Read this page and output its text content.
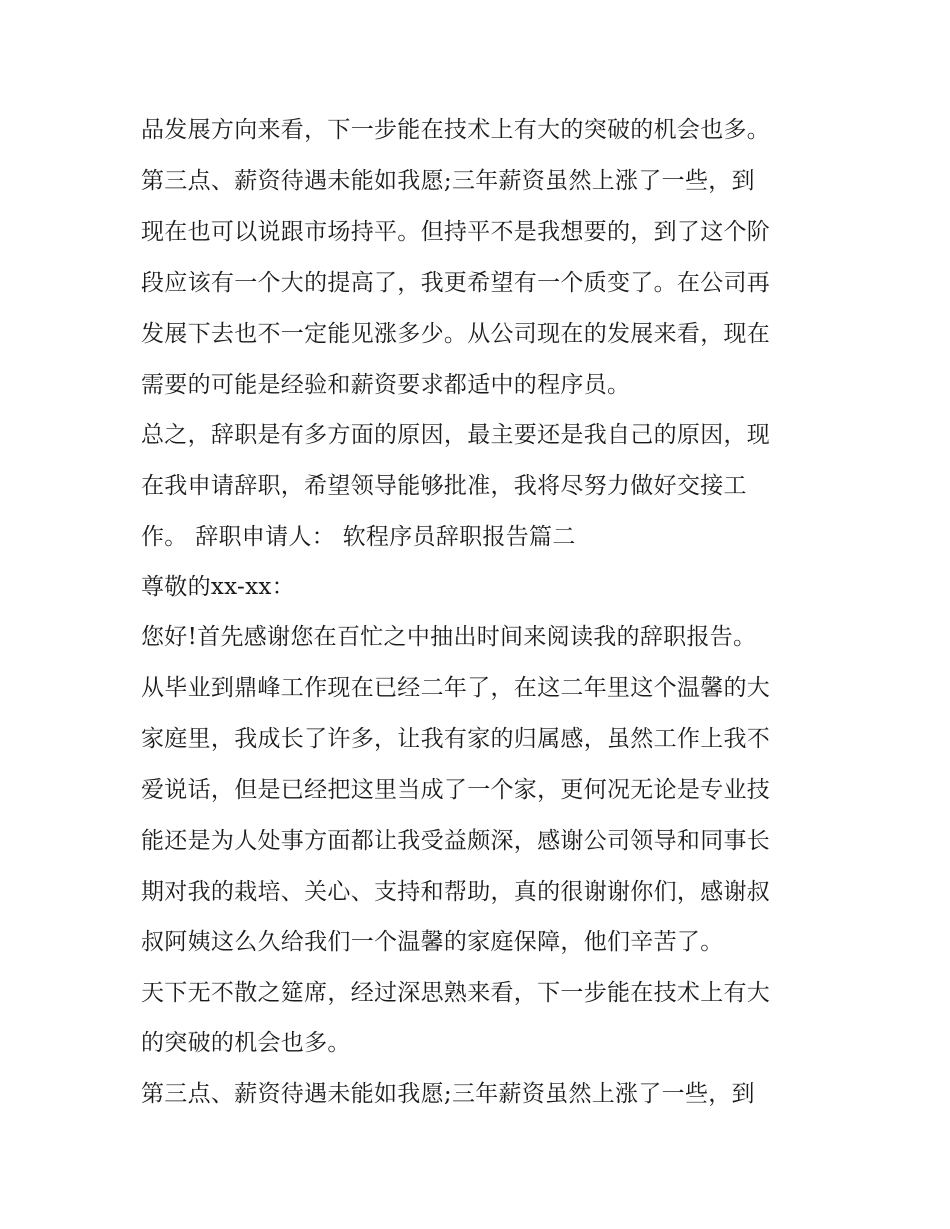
品发展方向来看，下一步能在技术上有大的突破的机会也多。

第三点、薪资待遇未能如我愿;三年薪资虽然上涨了一些，到

现在也可以说跟市场持平。但持平不是我想要的，到了这个阶

段应该有一个大的提高了，我更希望有一个质变了。在公司再

发展下去也不一定能见涨多少。从公司现在的发展来看，现在

需要的可能是经验和薪资要求都适中的程序员。

总之，辞职是有多方面的原因，最主要还是我自己的原因，现

在我申请辞职，希望领导能够批准，我将尽努力做好交接工

作。 辞职申请人： 软程序员辞职报告篇二

尊敬的xx-xx：

您好!首先感谢您在百忙之中抽出时间来阅读我的辞职报告。

从毕业到鼎峰工作现在已经二年了，在这二年里这个温馨的大

家庭里，我成长了许多，让我有家的归属感，虽然工作上我不

爱说话，但是已经把这里当成了一个家，更何况无论是专业技

能还是为人处事方面都让我受益颇深，感谢公司领导和同事长

期对我的栽培、关心、支持和帮助，真的很谢谢你们，感谢叔

叔阿姨这么久给我们一个温馨的家庭保障，他们辛苦了。

天下无不散之筵席，经过深思熟来看，下一步能在技术上有大

的突破的机会也多。

第三点、薪资待遇未能如我愿;三年薪资虽然上涨了一些，到
